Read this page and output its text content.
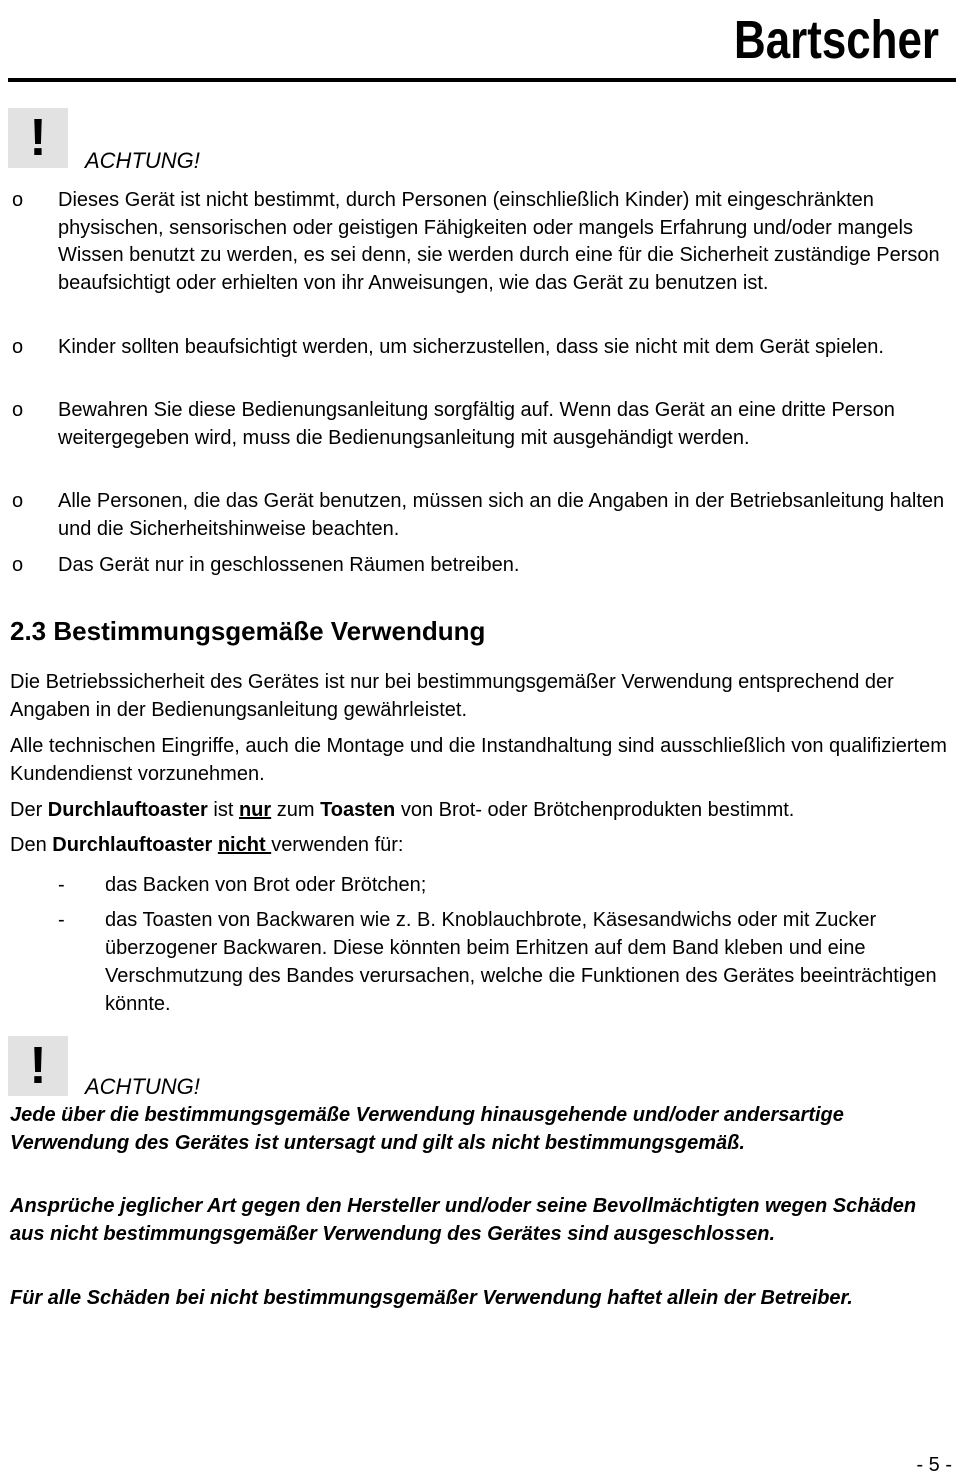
Bartscher
!	ACHTUNG!
o Dieses Gerät ist nicht bestimmt, durch Personen (einschließlich Kinder) mit eingeschränkten physischen, sensorischen oder geistigen Fähigkeiten oder mangels Erfahrung und/oder mangels Wissen benutzt zu werden, es sei denn, sie werden durch eine für die Sicherheit zuständige Person beaufsichtigt oder erhielten von ihr Anweisungen, wie das Gerät zu benutzen ist.
o Kinder sollten beaufsichtigt werden, um sicherzustellen, dass sie nicht mit dem Gerät spielen.
o Bewahren Sie diese Bedienungsanleitung sorgfältig auf. Wenn das Gerät an eine dritte Person weitergegeben wird, muss die Bedienungsanleitung mit ausgehändigt werden.
o Alle Personen, die das Gerät benutzen, müssen sich an die Angaben in der Betriebsanleitung halten und die Sicherheitshinweise beachten.
o Das Gerät nur in geschlossenen Räumen betreiben.
2.3 Bestimmungsgemäße Verwendung
Die Betriebssicherheit des Gerätes ist nur bei bestimmungsgemäßer Verwendung entsprechend der Angaben in der Bedienungsanleitung gewährleistet.
Alle technischen Eingriffe, auch die Montage und die Instandhaltung sind ausschließlich von qualifiziertem Kundendienst vorzunehmen.
Der Durchlauftoaster ist nur zum Toasten von Brot- oder Brötchenprodukten bestimmt.
Den Durchlauftoaster nicht verwenden für:
- das Backen von Brot oder Brötchen;
- das Toasten von Backwaren wie z. B. Knoblauchbrote, Käsesandwichs oder mit Zucker überzogener Backwaren. Diese könnten beim Erhitzen auf dem Band kleben und eine Verschmutzung des Bandes verursachen, welche die Funktionen des Gerätes beeinträchtigen könnte.
!	ACHTUNG!
Jede über die bestimmungsgemäße Verwendung hinausgehende und/oder andersartige Verwendung des Gerätes ist untersagt und gilt als nicht bestimmungsgemäß.
Ansprüche jeglicher Art gegen den Hersteller und/oder seine Bevollmächtigten wegen Schäden aus nicht bestimmungsgemäßer Verwendung des Gerätes sind ausgeschlossen.
Für alle Schäden bei nicht bestimmungsgemäßer Verwendung haftet allein der Betreiber.
- 5 -
